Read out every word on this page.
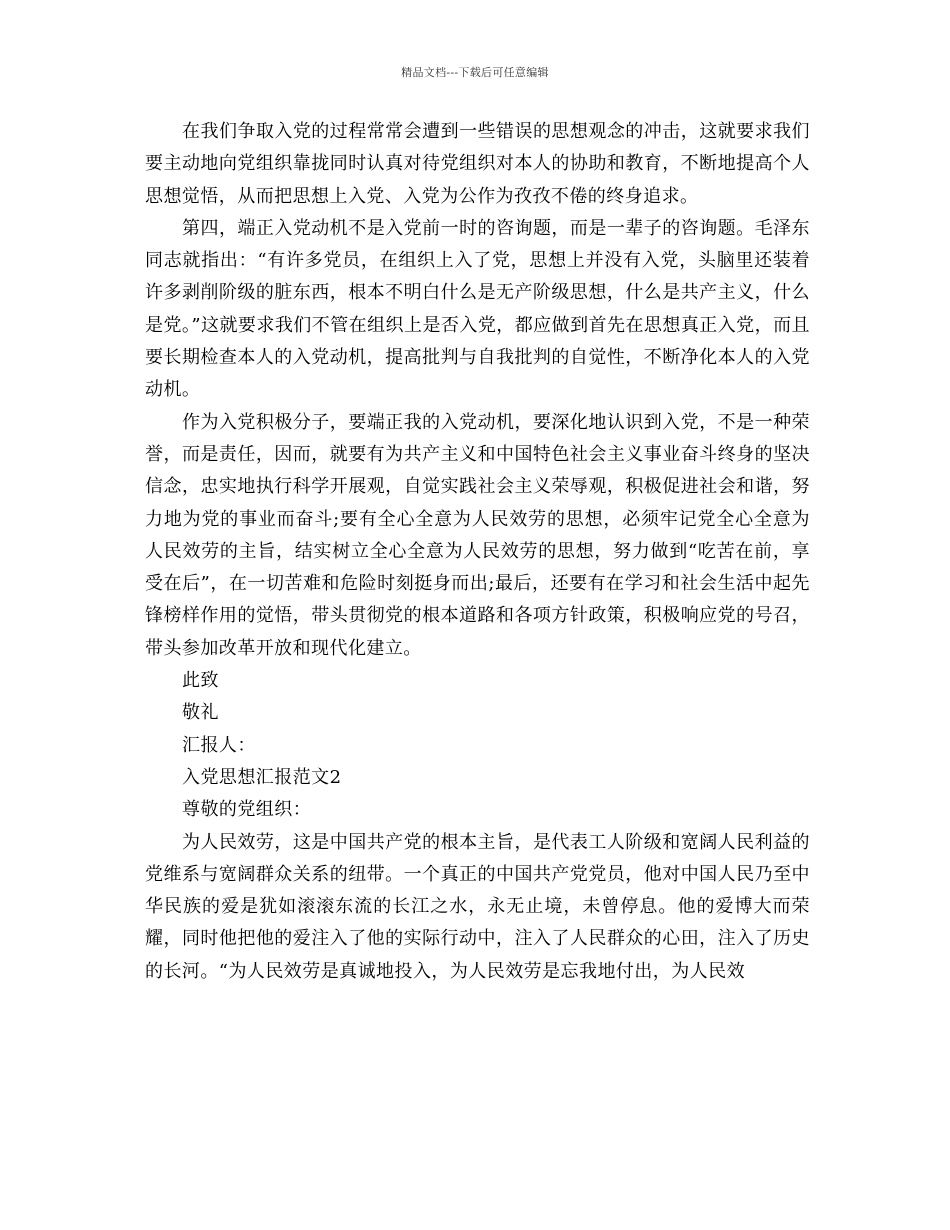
精品文档---下载后可任意编辑

在我们争取入党的过程常常会遭到一些错误的思想观念的冲击，这就要求我们要主动地向党组织靠拢同时认真对待党组织对本人的协助和教育，不断地提高个人思想觉悟，从而把思想上入党、入党为公作为孜孜不倦的终身追求。

第四，端正入党动机不是入党前一时的咨询题，而是一辈子的咨询题。毛泽东同志就指出：“有许多党员，在组织上入了党，思想上并没有入党，头脑里还装着许多剥削阶级的脏东西，根本不明白什么是无产阶级思想，什么是共产主义，什么是党。”这就要求我们不管在组织上是否入党，都应做到首先在思想真正入党，而且要长期检查本人的入党动机，提高批判与自我批判的自觉性，不断净化本人的入党动机。

作为入党积极分子，要端正我的入党动机，要深化地认识到入党，不是一种荣誉，而是责任，因而，就要有为共产主义和中国特色社会主义事业奋斗终身的坚决信念，忠实地执行科学开展观，自觉实践社会主义荣辱观，积极促进社会和谐，努力地为党的事业而奋斗;要有全心全意为人民效劳的思想，必须牢记党全心全意为人民效劳的主旨，结实树立全心全意为人民效劳的思想，努力做到“吃苦在前，享受在后”，在一切苦难和危险时刻挺身而出;最后，还要有在学习和社会生活中起先锋榜样作用的觉悟，带头贯彻党的根本道路和各项方针政策，积极响应党的号召，带头参加改革开放和现代化建立。

此致

敬礼

汇报人：

入党思想汇报范文2

尊敬的党组织：

为人民效劳，这是中国共产党的根本主旨，是代表工人阶级和宽阔人民利益的党维系与宽阔群众关系的纽带。一个真正的中国共产党党员，他对中国人民乃至中华民族的爱是犹如滚滚东流的长江之水，永无止境，未曾停息。他的爱博大而荣耀，同时他把他的爱注入了他的实际行动中，注入了人民群众的心田，注入了历史的长河。“为人民效劳是真诚地投入，为人民效劳是忘我地付出，为人民效
